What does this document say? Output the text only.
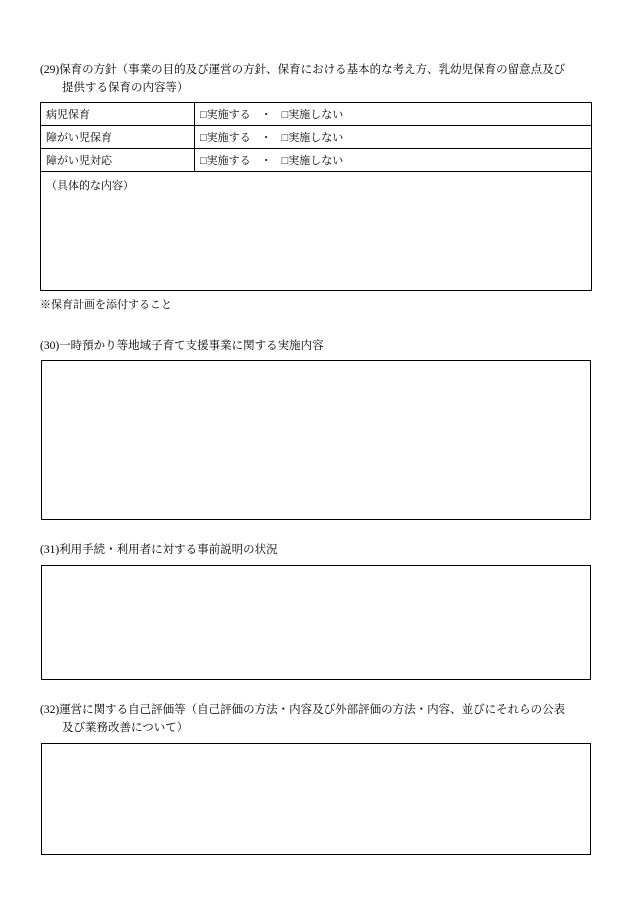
(29)保育の方針（事業の目的及び運営の方針、保育における基本的な考え方、乳幼児保育の留意点及び
提供する保育の内容等）
病児保育	□実施する ・ □実施しない
障がい児保育	□実施する ・ □実施しない
障がい児対応	□実施する ・ □実施しない
（具体的な内容）	

※保育計画を添付すること

(30)一時預かり等地域子育て支援事業に関する実施内容
(31)利用手続・利用者に対する事前説明の状況
(32)運営に関する自己評価等（自己評価の方法・内容及び外部評価の方法・内容、並びにそれらの公表
及び業務改善について）
